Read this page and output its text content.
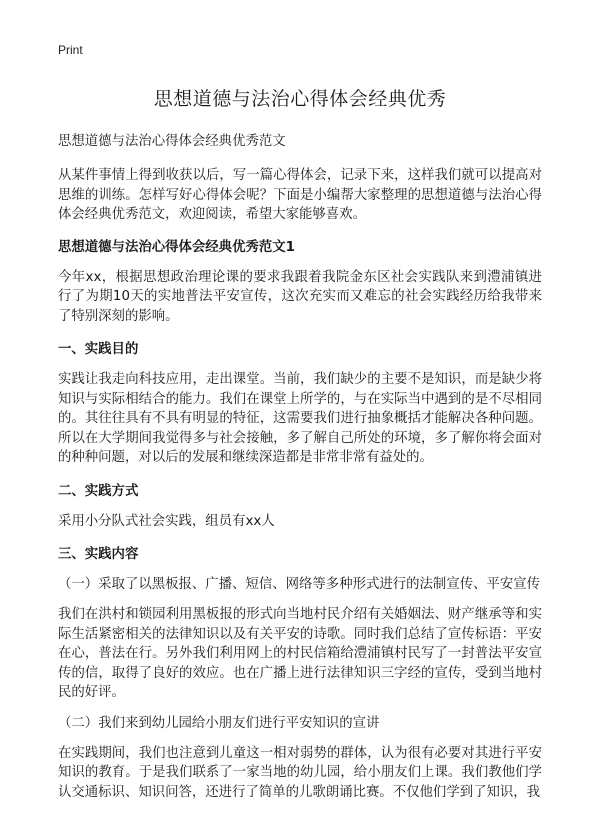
Print
思想道德与法治心得体会经典优秀
思想道德与法治心得体会经典优秀范文

从某件事情上得到收获以后，写一篇心得体会，记录下来，这样我们就可以提高对思维的训练。怎样写好心得体会呢？下面是小编帮大家整理的思想道德与法治心得体会经典优秀范文，欢迎阅读，希望大家能够喜欢。

思想道德与法治心得体会经典优秀范文1

今年xx，根据思想政治理论课的要求我跟着我院金东区社会实践队来到澧浦镇进行了为期10天的实地普法平安宣传，这次充实而又难忘的社会实践经历给我带来了特别深刻的影响。

一、实践目的

实践让我走向科技应用，走出课堂。当前，我们缺少的主要不是知识，而是缺少将知识与实际相结合的能力。我们在课堂上所学的，与在实际当中遇到的是不尽相同的。其往往具有不具有明显的特征，这需要我们进行抽象概括才能解决各种问题。所以在大学期间我觉得多与社会接触，多了解自己所处的环境，多了解你将会面对的种种问题，对以后的发展和继续深造都是非常非常有益处的。

二、实践方式

采用小分队式社会实践，组员有xx人

三、实践内容
（一）采取了以黑板报、广播、短信、网络等多种形式进行的法制宣传、平安宣传

我们在洪村和锁园利用黑板报的形式向当地村民介绍有关婚姻法、财产继承等和实际生活紧密相关的法律知识以及有关平安的诗歌。同时我们总结了宣传标语：平安在心，普法在行。另外我们利用网上的村民信箱给澧浦镇村民写了一封普法平安宣传的信，取得了良好的效应。也在广播上进行法律知识三字经的宣传，受到当地村民的好评。

（二）我们来到幼儿园给小朋友们进行平安知识的宣讲

在实践期间，我们也注意到儿童这一相对弱势的群体，认为很有必要对其进行平安知识的教育。于是我们联系了一家当地的幼儿园，给小朋友们上课。我们教他们学认交通标识、知识问答，还进行了简单的儿歌朗诵比赛。不仅他们学到了知识，我
